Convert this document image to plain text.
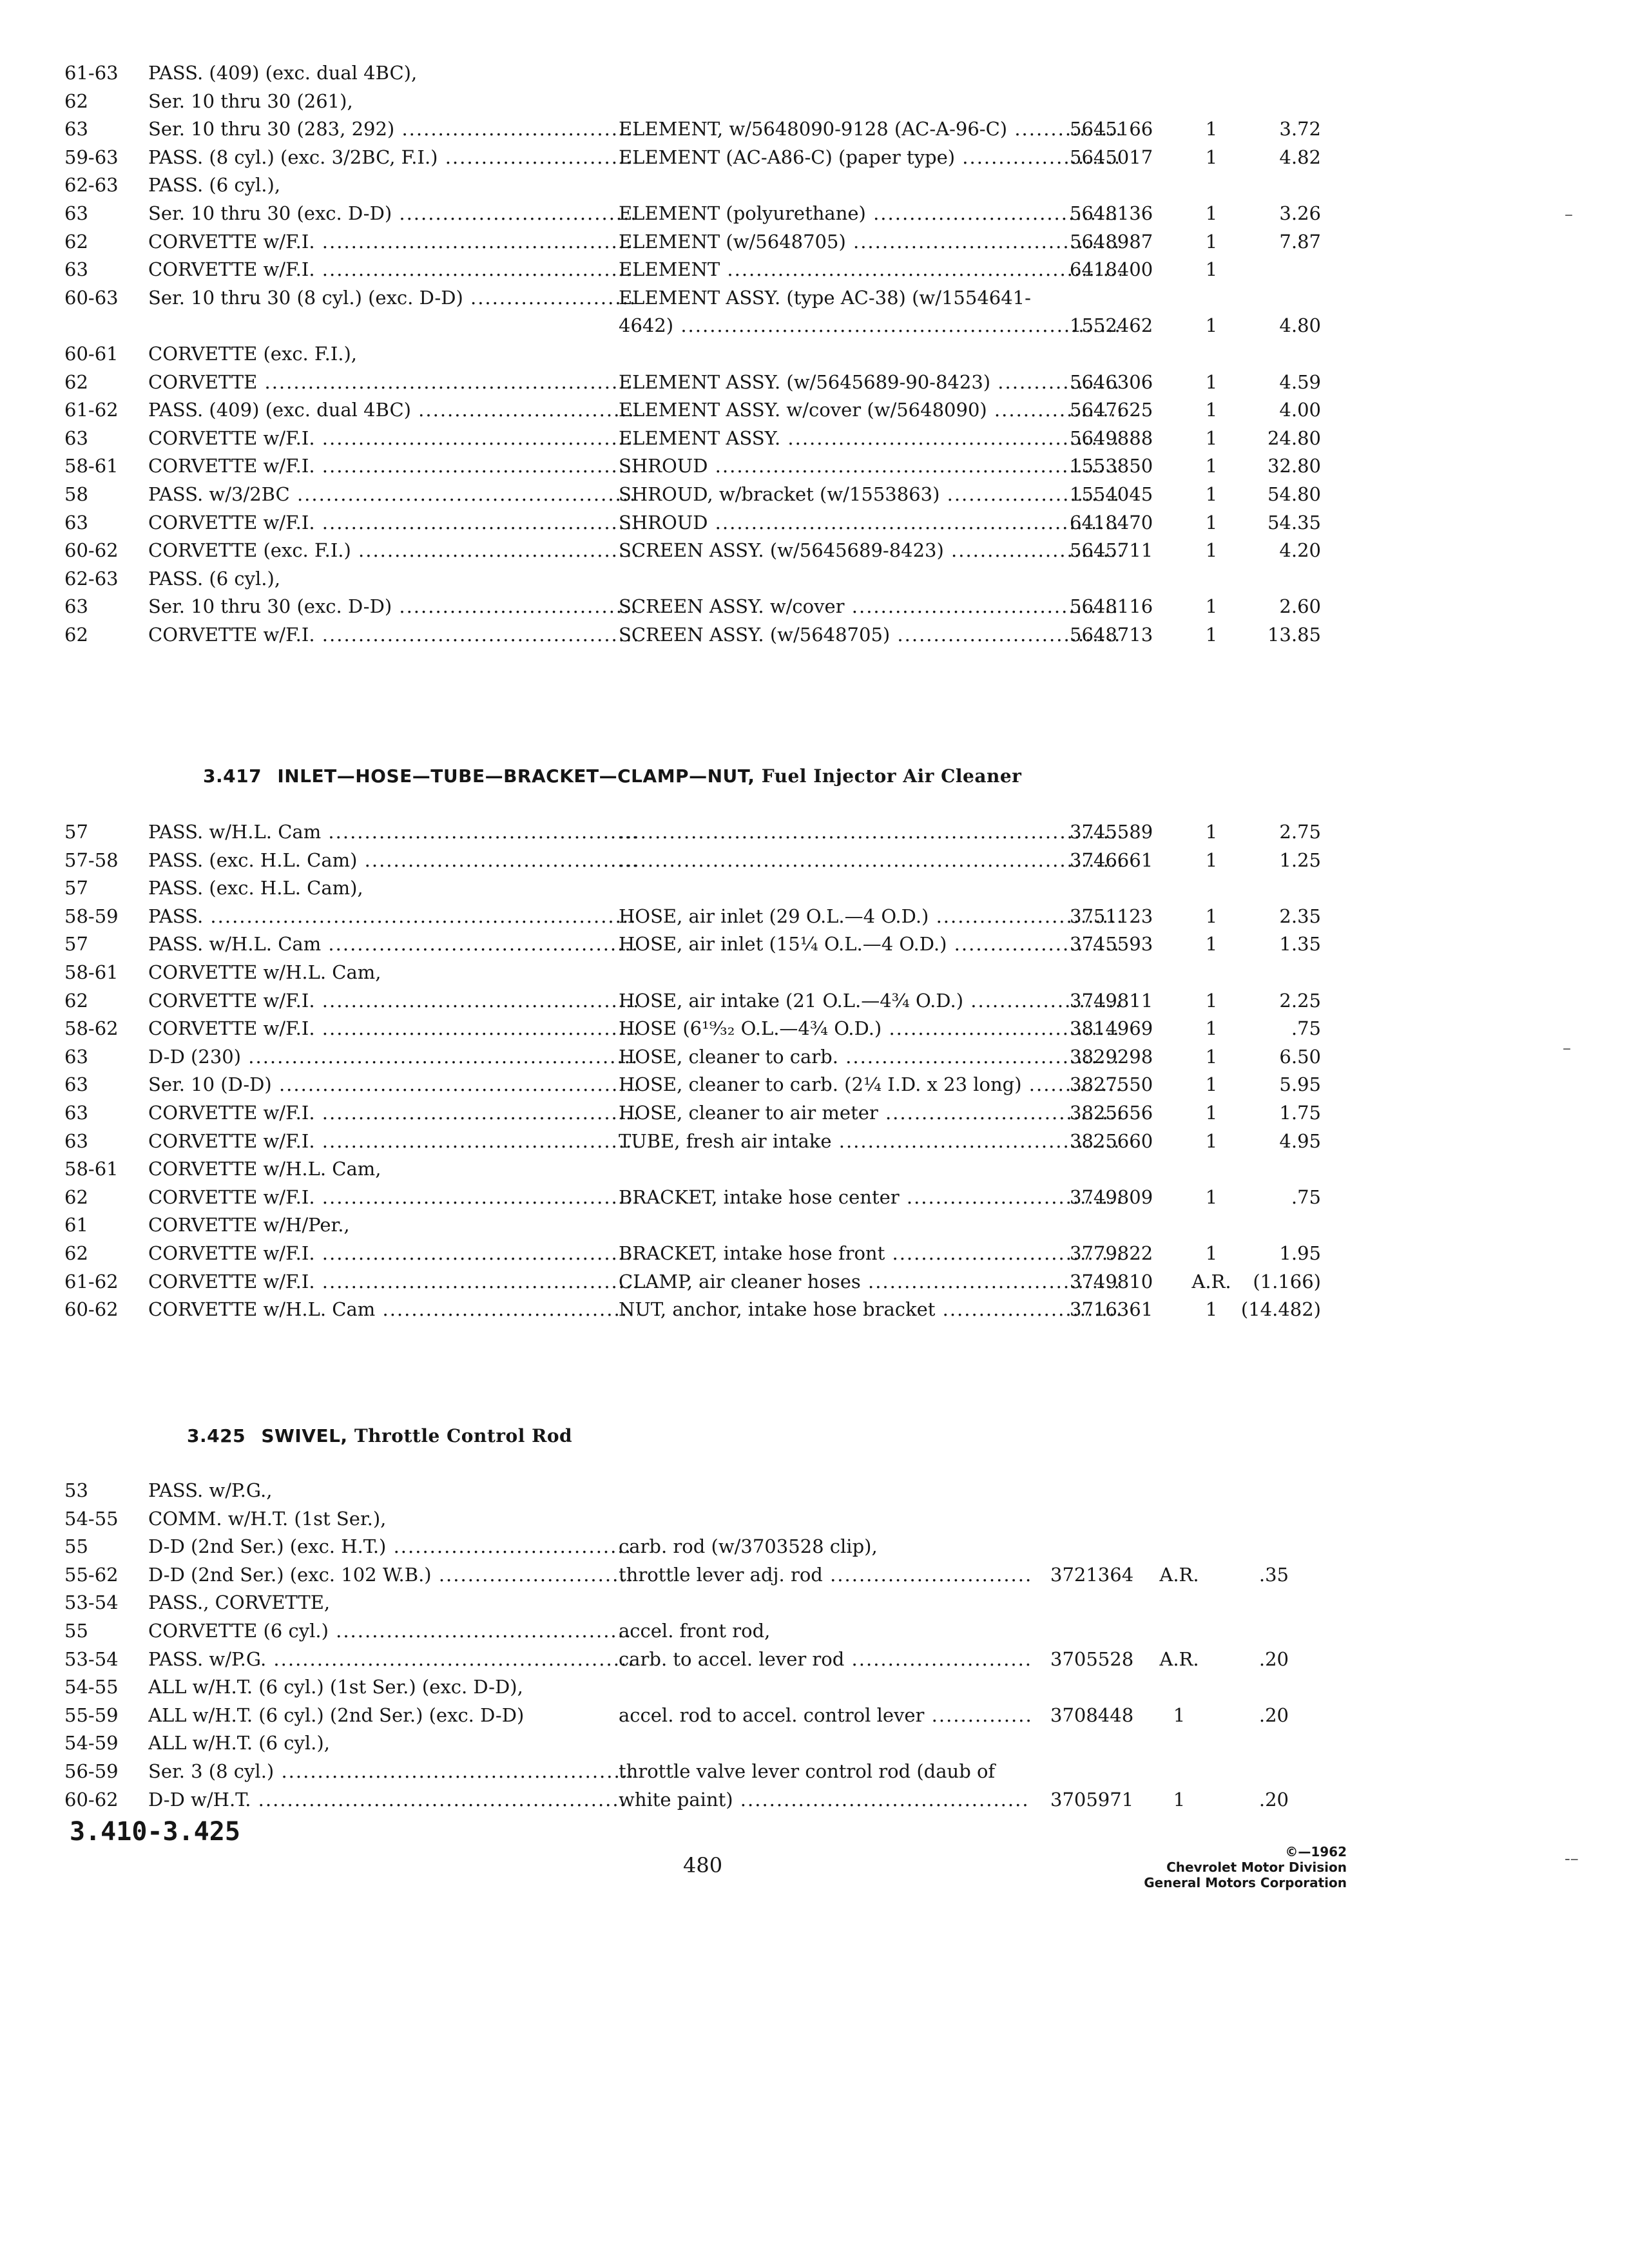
61-63 PASS. (409) (exc. dual 4BC),
62	Ser. 10 thru 30 (261),
63	Ser. 10 thru 30 (283, 292) .....	ELEMENT, w/5648090-9128 (AC-A-96-C) .....	5645166	1	3.72
59-63 PASS. (8 cyl.) (exc. 3/2BC, F.I.) .....	ELEMENT (AC-A86-C) (paper type) .....	5645017	1	4.82
62-63 PASS. (6 cyl.),
63	Ser. 10 thru 30 (exc. D-D) .....	ELEMENT (polyurethane) .....	5648136	1	3.26
62	CORVETTE w/F.I. .....	ELEMENT (w/5648705) .....	5648987	1	7.87
63	CORVETTE w/F.I. .....	ELEMENT .....	6418400	1
60-63 Ser. 10 thru 30 (8 cyl.) (exc. D-D) .....	ELEMENT ASSY. (type AC-38) (w/1554641-
4642) .....	1552462	1	4.80
60-61 CORVETTE (exc. F.I.),
62	CORVETTE .....	ELEMENT ASSY. (w/5645689-90-8423) .....	5646306	1	4.59
61-62 PASS. (409) (exc. dual 4BC) .....	ELEMENT ASSY. w/cover (w/5648090) .....	5647625	1	4.00
63	CORVETTE w/F.I. .....	ELEMENT ASSY. .....	5649888	1	24.80
58-61 CORVETTE w/F.I. .....	SHROUD .....	1553850	1	32.80
58	PASS. w/3/2BC .....	SHROUD, w/bracket (w/1553863) .....	1554045	1	54.80
63	CORVETTE w/F.I. .....	SHROUD .....	6418470	1	54.35
60-62 CORVETTE (exc. F.I.) .....	SCREEN ASSY. (w/5645689-8423) .....	5645711	1	4.20
62-63 PASS. (6 cyl.),
63	Ser. 10 thru 30 (exc. D-D) .....	SCREEN ASSY. w/cover .....	5648116	1	2.60
62	CORVETTE w/F.I. .....	SCREEN ASSY. (w/5648705) .....	5648713	1	13.85
3.417 INLET—HOSE—TUBE—BRACKET—CLAMP—NUT, Fuel Injector Air Cleaner
57	PASS. w/H.L. Cam ..... .....	3745589	1	2.75
57-58 PASS. (exc. H.L. Cam) ..... .....	3746661	1	1.25
57	PASS. (exc. H.L. Cam),
58-59 PASS. .....	HOSE, air inlet (29 O.L.—4 O.D.) .....	3751123	1	2.35
57	PASS. w/H.L. Cam .....	HOSE, air inlet (15¼ O.L.—4 O.D.) .....	3745593	1	1.35
58-61 CORVETTE w/H.L. Cam,
62	CORVETTE w/F.I. .....	HOSE, air intake (21 O.L.—4¾ O.D.) .....	3749811	1	2.25
58-62 CORVETTE w/F.I. .....	HOSE (6¹⁹⁄₃₂ O.L.—4¾ O.D.) .....	3814969	1	.75
63	D-D (230) .....	HOSE, cleaner to carb. .....	3829298	1	6.50
63	Ser. 10 (D-D) .....	HOSE, cleaner to carb. (2¼ I.D. x 23 long) .....	3827550	1	5.95
63	CORVETTE w/F.I. .....	HOSE, cleaner to air meter .....	3825656	1	1.75
63	CORVETTE w/F.I. .....	TUBE, fresh air intake .....	3825660	1	4.95
58-61 CORVETTE w/H.L. Cam,
62	CORVETTE w/F.I. .....	BRACKET, intake hose center .....	3749809	1	.75
61	CORVETTE w/H/Per.,
62	CORVETTE w/F.I. .....	BRACKET, intake hose front .....	3779822	1	1.95
61-62 CORVETTE w/F.I. .....	CLAMP, air cleaner hoses .....	3749810	A.R.	(1.166)
60-62 CORVETTE w/H.L. Cam .....	NUT, anchor, intake hose bracket .....	3716361	1	(14.482)
3.425 SWIVEL, Throttle Control Rod
53	PASS. w/P.G.,
54-55 COMM. w/H.T. (1st Ser.),
55	D-D (2nd Ser.) (exc. H.T.) .....	carb. rod (w/3703528 clip),
55-62 D-D (2nd Ser.) (exc. 102 W.B.) .....	throttle lever adj. rod .....	3721364	A.R.	.35
53-54 PASS., CORVETTE,
55	CORVETTE (6 cyl.) .....	accel. front rod,
53-54 PASS. w/P.G. .....	carb. to accel. lever rod .....	3705528	A.R.	.20
54-55 ALL w/H.T. (6 cyl.) (1st Ser.) (exc. D-D),
55-59 ALL w/H.T. (6 cyl.) (2nd Ser.) (exc. D-D)	accel. rod to accel. control lever .....	3708448	1	.20
54-59 ALL w/H.T. (6 cyl.),
56-59 Ser. 3 (8 cyl.) .....	throttle valve lever control rod (daub of
60-62 D-D w/H.T. .....	white paint) .....	3705971	1	.20
3.410-3.425
480
©—1962
Chevrolet Motor Division
General Motors Corporation
–
–
-–
